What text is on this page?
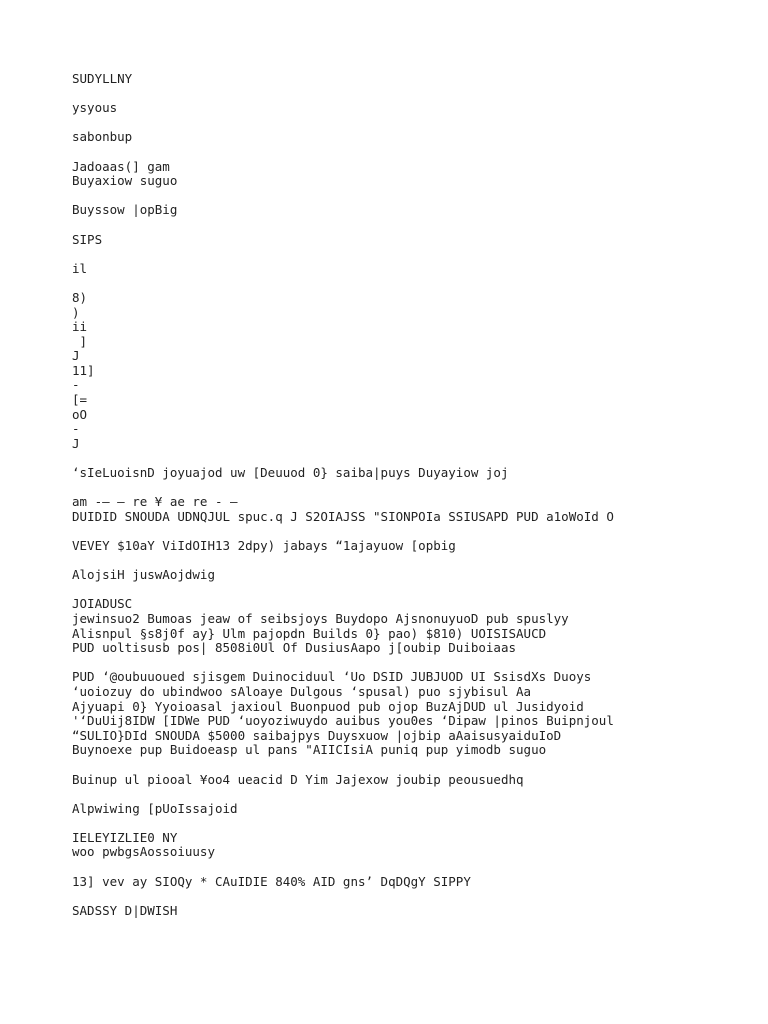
SUDYLLNY
ysyous
sabonbup
Jadoaas(] gam
Buyaxiow suguo
Buyssow |opBig
SIPS
il
8)
)
ii
]
J
11]
-
[=
oO
-
J
‘sIeLuoisnD joyuajod uw [Deuuod 0} saiba|puys Duyayiow joj
am -— — re ¥ ae re - —
DUIDID SNOUDA UDNQJUL spuc.q J S2OIAJSS "SIONPOIa SSIUSAPD PUD a1oWoId O
VEVEY $10aY ViIdOIH13 2dpy) jabays “1ajayuow [opbig
AlojsiH juswAojdwig
JOIADUSC
jewinsuo2 Bumoas jeaw of seibsjoys Buydopo AjsnonuyuoD pub spuslyy
Alisnpul §s8j0f ay} Ulm pajopdn Builds 0} pao) $810) UOISISAUCD
PUD uoltisusb pos| 8508i0Ul Of DusiusAapo j[oubip Duiboiaas
PUD ‘@oubuuoued sjisgem Duinociduul ‘Uo DSID JUBJUOD UI SsisdXs Duoys
‘uoiozuy do ubindwoo sAloaye Dulgous ‘spusal) puo sjybisul Aa
Ajyuapi 0} Yyoioasal jaxioul Buonpuod pub ojop BuzAjDUD ul Jusidyoid
'‘DuUij8IDW [IDWe PUD ‘uoyoziwuydo auibus you0es ‘Dipaw |pinos Buipnjoul
“SULIO}DId SNOUDA $5000 saibajpys Duysxuow |ojbip aAaisusyaiduIoD
Buynoexe pup Buidoeasp ul pans "AIICIsiA puniq pup yimodb suguo
Buinup ul piooal ¥oo4 ueacid D Yim Jajexow joubip peousuedhq
Alpwiwing [pUoIssajoid
IELEYIZLIE0 NY
woo pwbgsAossoiuusy
13] vev ay SIOQy * CAuIDIE 840% AID gns’ DqDQgY SIPPY
SADSSY D|DWISH
